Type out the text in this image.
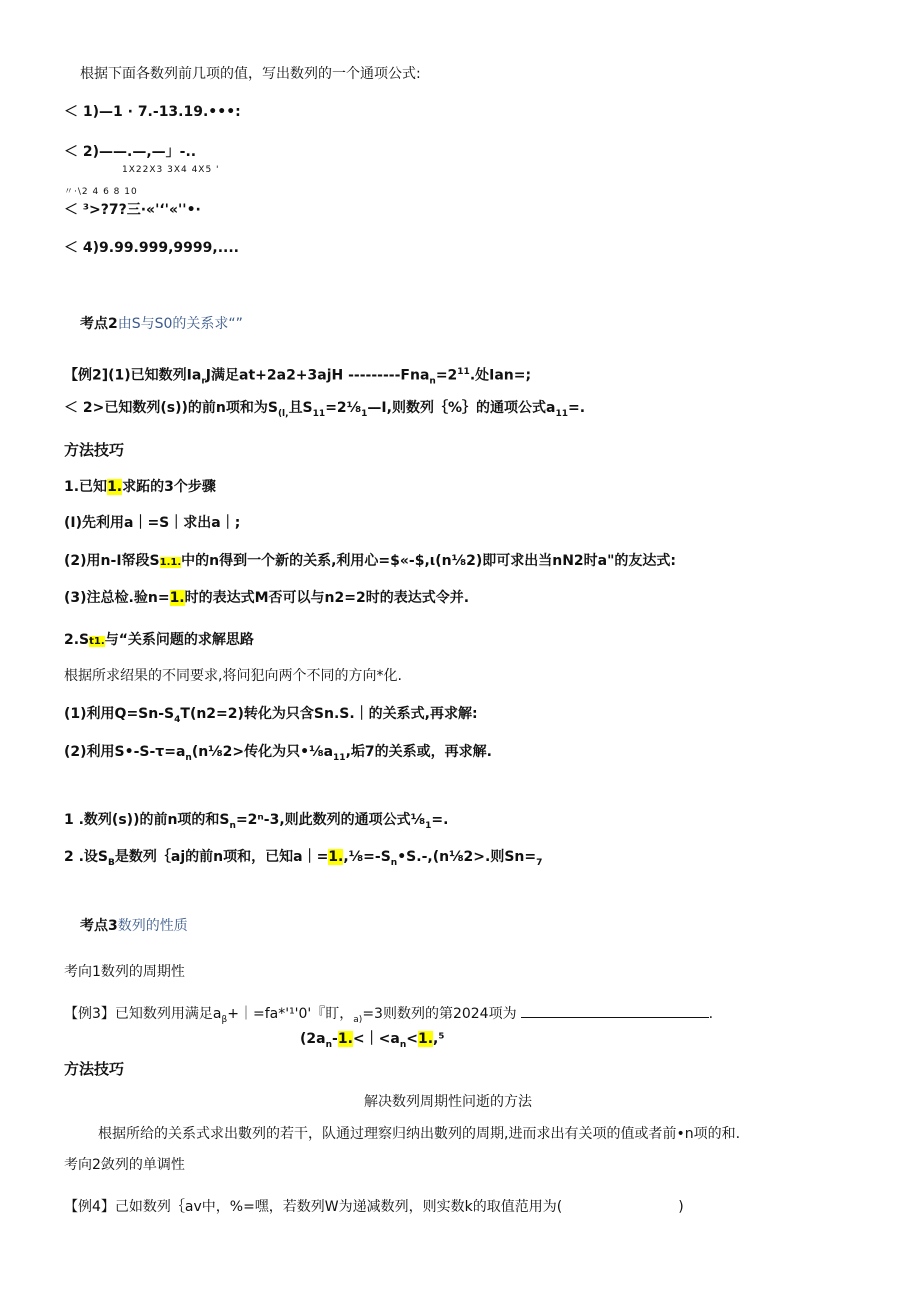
根据下面各数列前几项的值，写出数列的一个通项公式:
＜ 1)—1 · 7.-13.19.•••:
＜ 2)——.—,—」-..
1X22X3 3X4 4X5 '
〃·\2 4 6 8 10
＜ ³>?7?三·«'‘'«''•·
＜ 4)9.99.999,9999,....
考点2由S与S0的关系求“”
【例2](1)已知数列$Ia_rJ$满足at+2a2+3ajH $---------Fna_n=2^{11}$.处Ian=;
＜ 2>已知数列(s))的前n项和为$S_{(l,}$且$S_{11}=2\frac{1}{8}_1—I$,则数列｛%｝的通项公式$a_{11}=$.
方法技巧
1.已知1.求跖的3个步骤
(I)先利用a｜=S｜求出a｜;
(2)用n-I帑段S1.1.中的n得到一个新的关系,利用心=$«-$,ι(n⅛2)即可求出当nN2时a"的友达式:
(3)注总检.验n=1.时的表达式M否可以与n2=2时的表达式令并.
2.St1.与“关系问题的求解思路
根据所求绍果的不同要求,将问犯向两个不同的方向*化.
(1)利用$Q=Sn-S_4T(n2=2)$转化为只含Sn.S.｜的关系式,再求解:
(2)利用$S•-S-\tau=a_n(n\frac{1}{8}2>$传化为只$•\frac{1}{8}a_{11}$,垢7的关系或，再求解.
1 .数列(s))的前n项的和$S_n=2^n-3$,则此数列的通项公式$\frac{1}{8}_1=$.
2 .设$S_B$是数列｛aj的前n项和，已知$a|=1.,\frac{1}{8}=-S_n•S.-,(n\frac{1}{8}2>$.则$Sn=_7$
考点3数列的性质
考向1数列的周期性
【例3】已知数列用满足$a_\beta+|=fa*'^1'0'$『盯，$_{a)}$=3则数列的第2024项为	.
($2a_n-1.<|<a_n<1.,^5$
方法技巧
解决数列周期性问逝的方法
根据所给的关系式求出數列的若干，队通过理察归纳出數列的周期,进而求出有关项的值或者前•n项的和.
考向2敛列的单调性
【例4】己如数列｛av中，%=嘿，若数列W为递减数列，则实数k的取值范用为(	)
